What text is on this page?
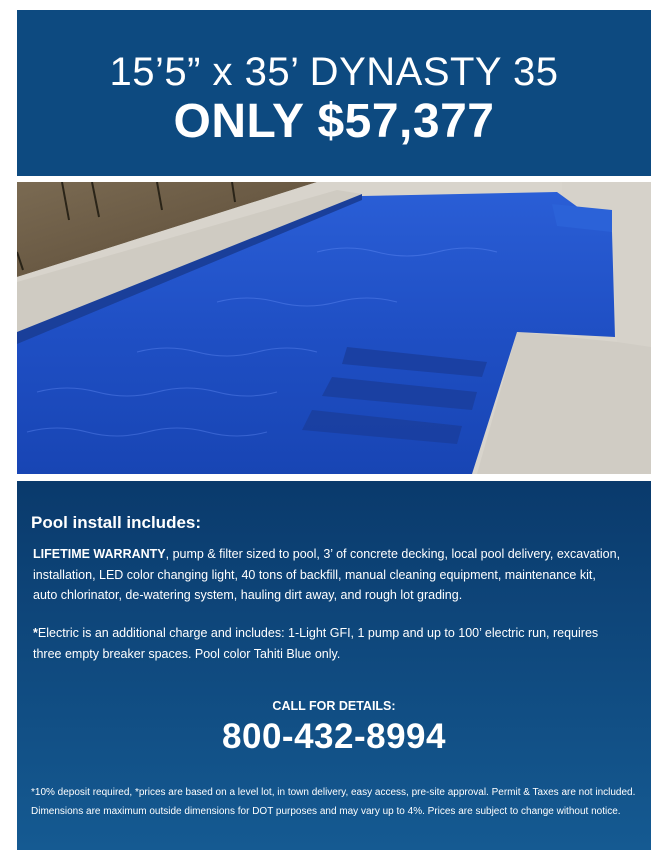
15’5” x 35’ DYNASTY 35
ONLY $57,377
Pool install includes:
LIFETIME WARRANTY, pump & filter sized to pool, 3’ of concrete decking, local pool delivery, excavation, installation, LED color changing light, 40 tons of backfill, manual cleaning equipment, maintenance kit, auto chlorinator, de-watering system, hauling dirt away, and rough lot grading.
*Electric is an additional charge and includes: 1-Light GFI, 1 pump and up to 100’ electric run, requires three empty breaker spaces. Pool color Tahiti Blue only.
CALL FOR DETAILS:
800-432-8994
*10% deposit required, *prices are based on a level lot, in town delivery, easy access, pre-site approval. Permit & Taxes are not included. Dimensions are maximum outside dimensions for DOT purposes and may vary up to 4%. Prices are subject to change without notice.
